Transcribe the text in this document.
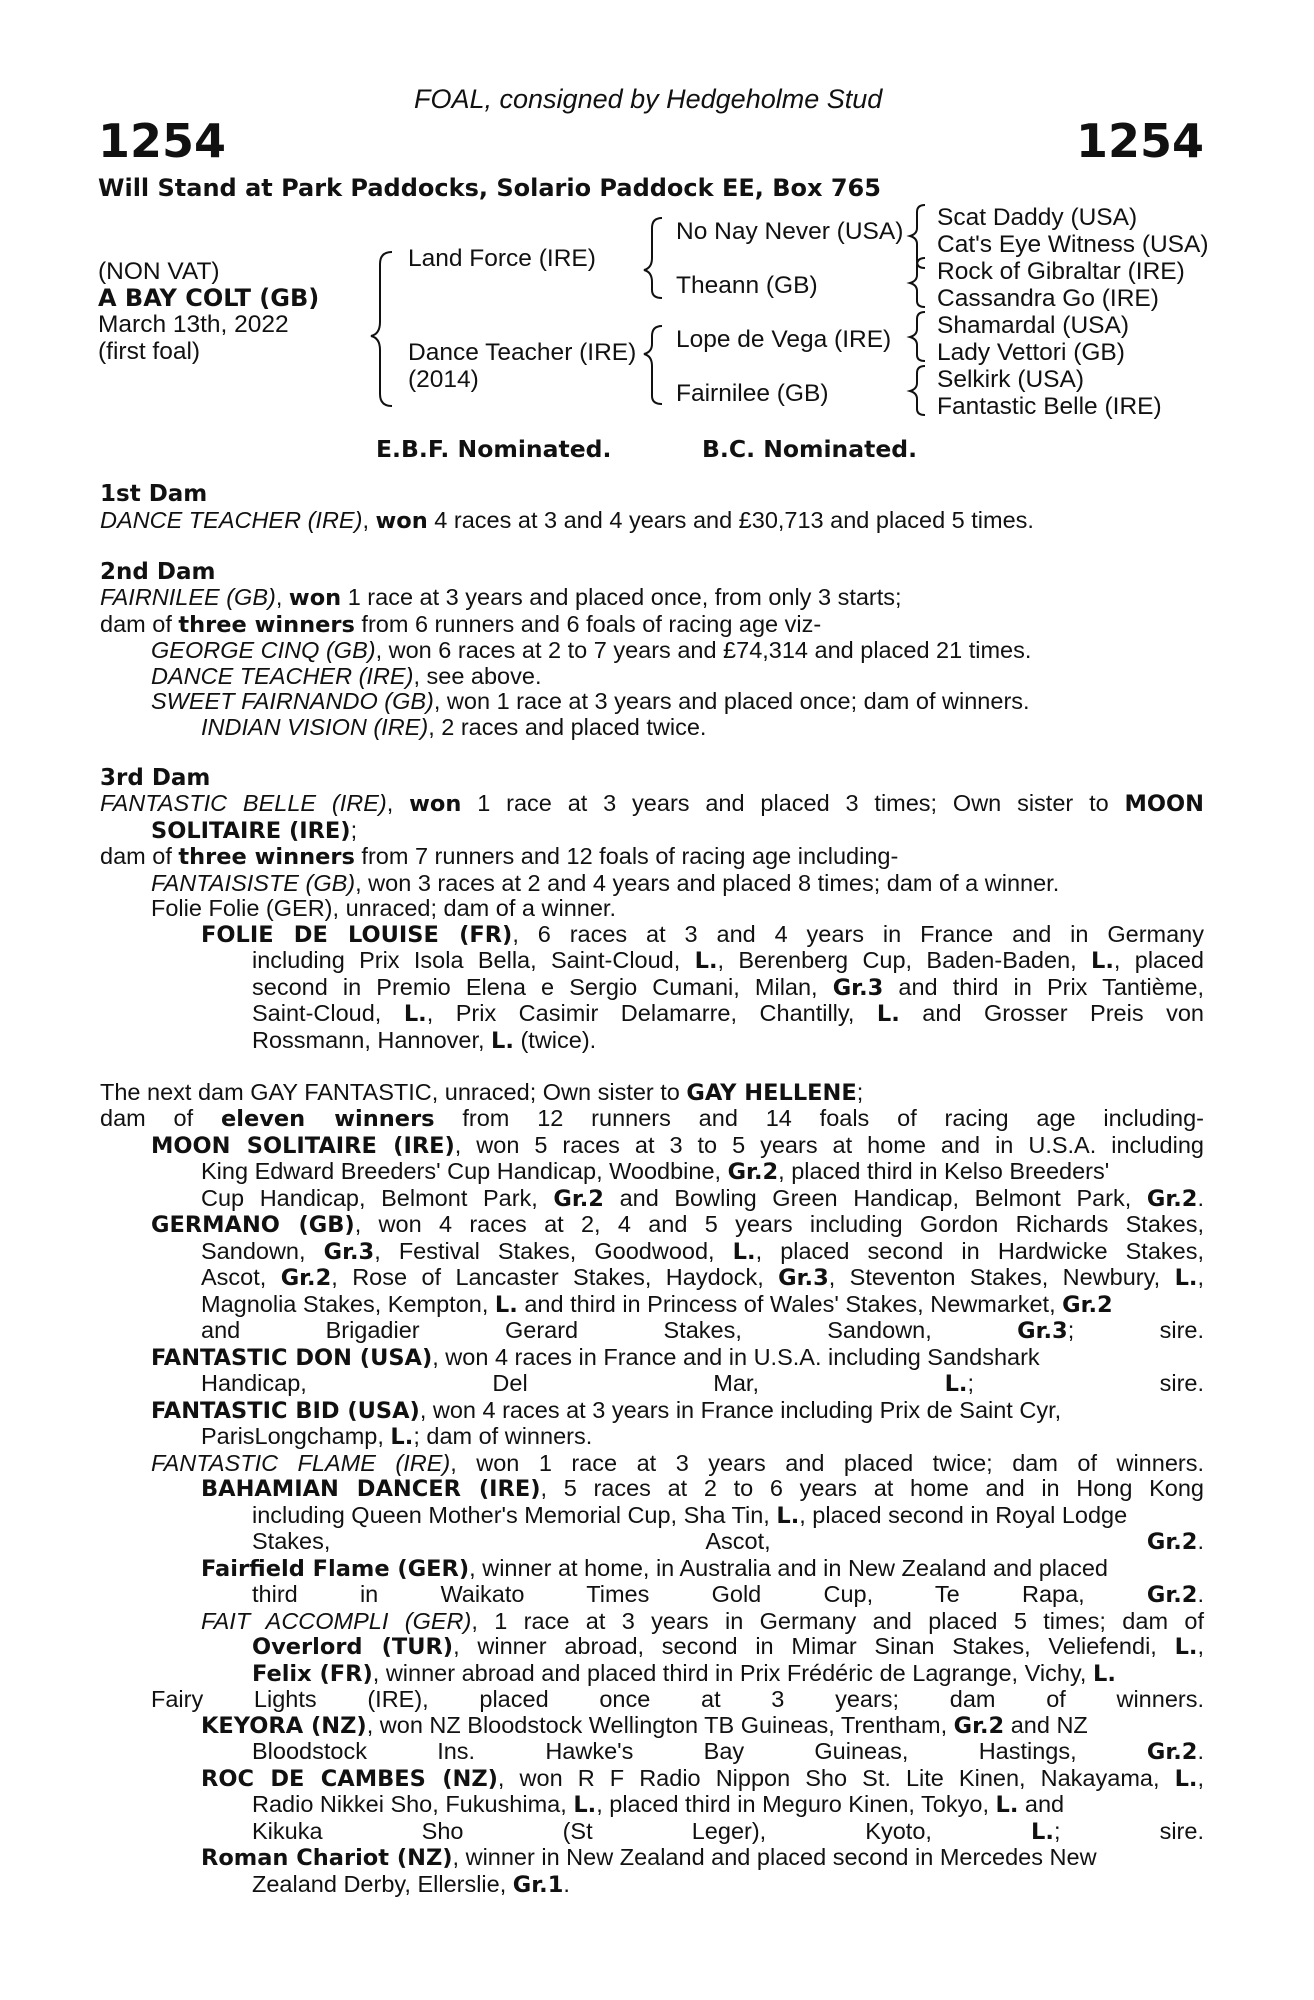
FOAL, consigned by Hedgeholme Stud
1254	1254
Will Stand at Park Paddocks, Solario Paddock EE, Box 765
(NON VAT)
A BAY COLT (GB)
March 13th, 2022
(first foal)
Land Force (IRE)
Dance Teacher (IRE)
(2014)
No Nay Never (USA)
Theann (GB)
Lope de Vega (IRE)
Fairnilee (GB)
Scat Daddy (USA)
Cat's Eye Witness (USA)
Rock of Gibraltar (IRE)
Cassandra Go (IRE)
Shamardal (USA)
Lady Vettori (GB)
Selkirk (USA)
Fantastic Belle (IRE)
E.B.F. Nominated.	B.C. Nominated.
1st Dam
DANCE TEACHER (IRE), won 4 races at 3 and 4 years and £30,713 and placed 5 times.
2nd Dam
FAIRNILEE (GB), won 1 race at 3 years and placed once, from only 3 starts;
dam of three winners from 6 runners and 6 foals of racing age viz-
GEORGE CINQ (GB), won 6 races at 2 to 7 years and £74,314 and placed 21 times.
DANCE TEACHER (IRE), see above.
SWEET FAIRNANDO (GB), won 1 race at 3 years and placed once; dam of winners.
INDIAN VISION (IRE), 2 races and placed twice.
3rd Dam
FANTASTIC BELLE (IRE), won 1 race at 3 years and placed 3 times; Own sister to MOON
SOLITAIRE (IRE);
dam of three winners from 7 runners and 12 foals of racing age including-
FANTAISISTE (GB), won 3 races at 2 and 4 years and placed 8 times; dam of a winner.
Folie Folie (GER), unraced; dam of a winner.
FOLIE DE LOUISE (FR), 6 races at 3 and 4 years in France and in Germany
including Prix Isola Bella, Saint-Cloud, L., Berenberg Cup, Baden-Baden, L., placed
second in Premio Elena e Sergio Cumani, Milan, Gr.3 and third in Prix Tantième,
Saint-Cloud, L., Prix Casimir Delamarre, Chantilly, L. and Grosser Preis von
Rossmann, Hannover, L. (twice).
The next dam GAY FANTASTIC, unraced; Own sister to GAY HELLENE;
dam of eleven winners from 12 runners and 14 foals of racing age including-
MOON SOLITAIRE (IRE), won 5 races at 3 to 5 years at home and in U.S.A. including
King Edward Breeders' Cup Handicap, Woodbine, Gr.2, placed third in Kelso Breeders'
Cup Handicap, Belmont Park, Gr.2 and Bowling Green Handicap, Belmont Park, Gr.2.
GERMANO (GB), won 4 races at 2, 4 and 5 years including Gordon Richards Stakes,
Sandown, Gr.3, Festival Stakes, Goodwood, L., placed second in Hardwicke Stakes,
Ascot, Gr.2, Rose of Lancaster Stakes, Haydock, Gr.3, Steventon Stakes, Newbury, L.,
Magnolia Stakes, Kempton, L. and third in Princess of Wales' Stakes, Newmarket, Gr.2
and Brigadier Gerard Stakes, Sandown, Gr.3; sire.
FANTASTIC DON (USA), won 4 races in France and in U.S.A. including Sandshark
Handicap, Del Mar, L.; sire.
FANTASTIC BID (USA), won 4 races at 3 years in France including Prix de Saint Cyr,
ParisLongchamp, L.; dam of winners.
FANTASTIC FLAME (IRE), won 1 race at 3 years and placed twice; dam of winners.
BAHAMIAN DANCER (IRE), 5 races at 2 to 6 years at home and in Hong Kong
including Queen Mother's Memorial Cup, Sha Tin, L., placed second in Royal Lodge
Stakes, Ascot, Gr.2.
Fairfield Flame (GER), winner at home, in Australia and in New Zealand and placed
third in Waikato Times Gold Cup, Te Rapa, Gr.2.
FAIT ACCOMPLI (GER), 1 race at 3 years in Germany and placed 5 times; dam of
Overlord (TUR), winner abroad, second in Mimar Sinan Stakes, Veliefendi, L.,
Felix (FR), winner abroad and placed third in Prix Frédéric de Lagrange, Vichy, L.
Fairy Lights (IRE), placed once at 3 years; dam of winners.
KEYORA (NZ), won NZ Bloodstock Wellington TB Guineas, Trentham, Gr.2 and NZ
Bloodstock Ins. Hawke's Bay Guineas, Hastings, Gr.2.
ROC DE CAMBES (NZ), won R F Radio Nippon Sho St. Lite Kinen, Nakayama, L.,
Radio Nikkei Sho, Fukushima, L., placed third in Meguro Kinen, Tokyo, L. and
Kikuka Sho (St Leger), Kyoto, L.; sire.
Roman Chariot (NZ), winner in New Zealand and placed second in Mercedes New
Zealand Derby, Ellerslie, Gr.1.
